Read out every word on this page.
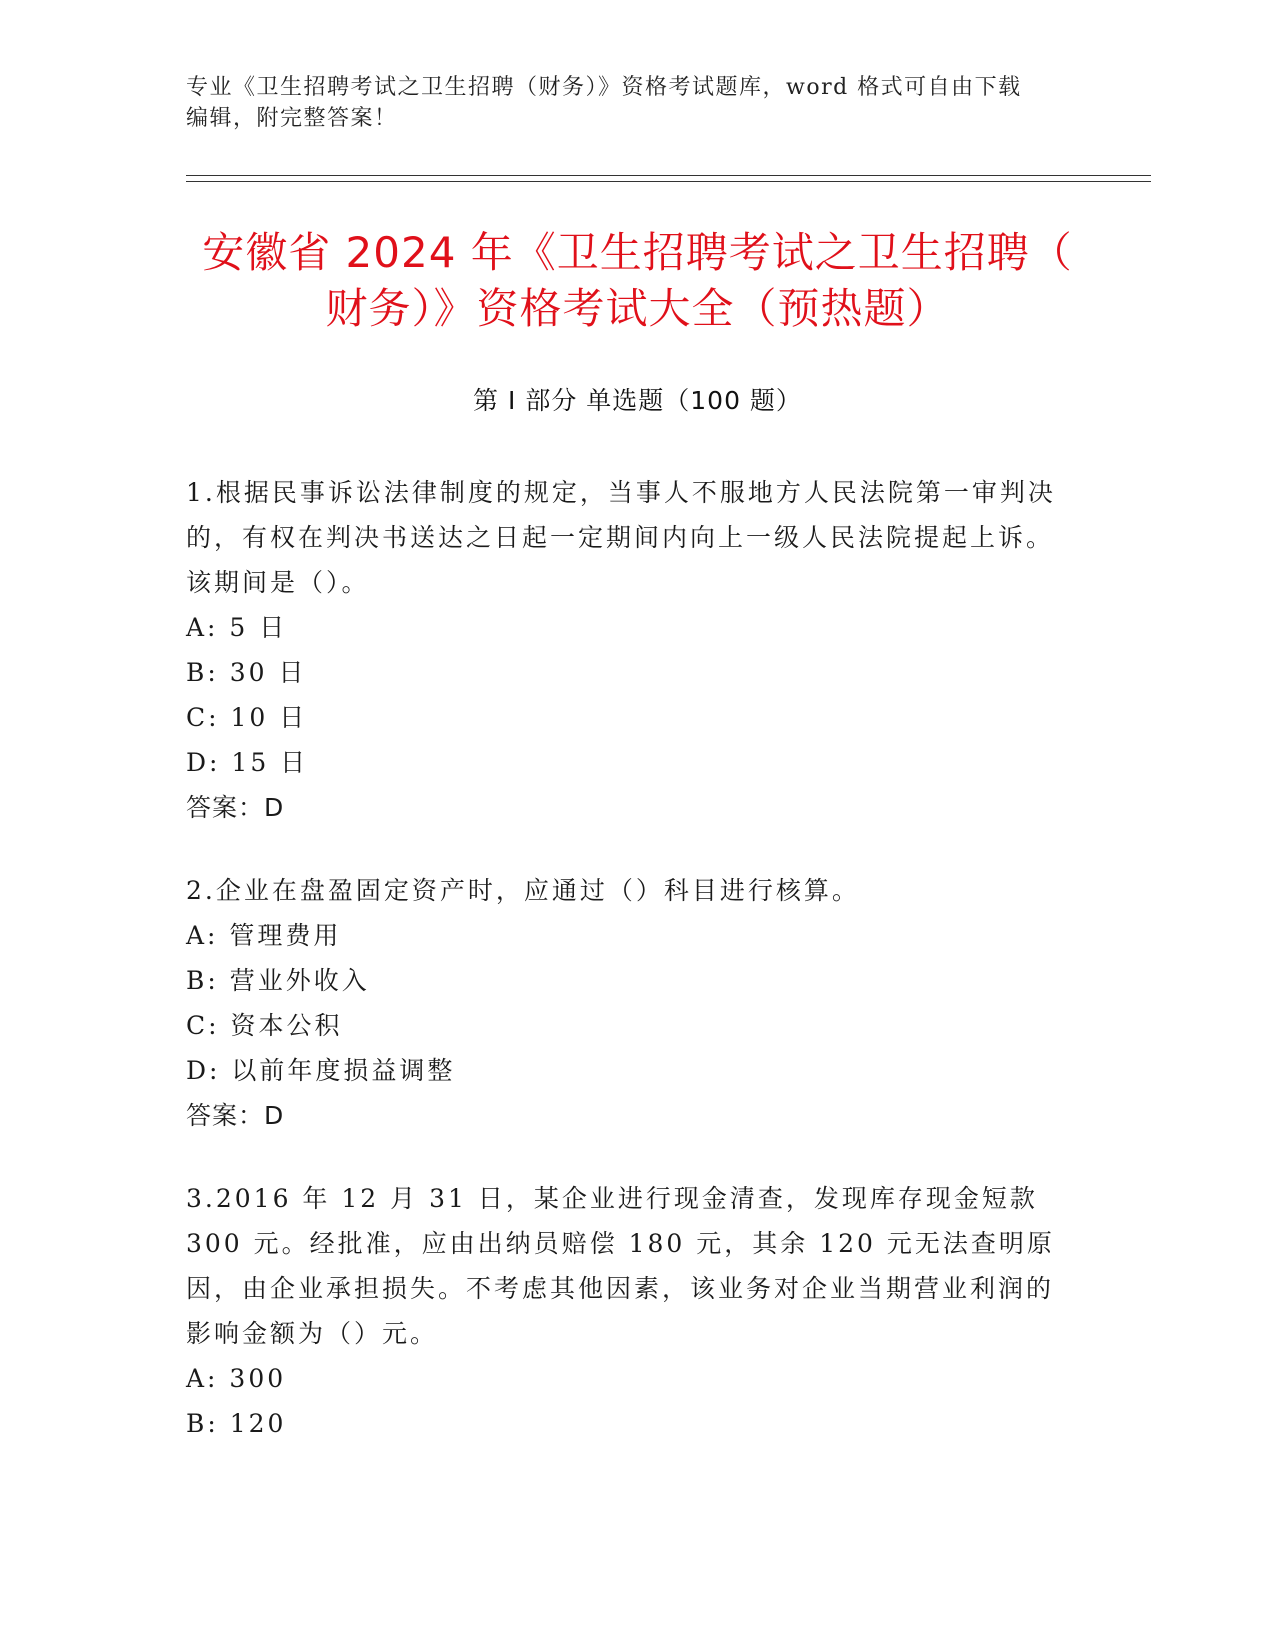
专业《卫生招聘考试之卫生招聘（财务）》资格考试题库，word 格式可自由下载
编辑，附完整答案！
安徽省 2024 年《卫生招聘考试之卫生招聘（
财务）》资格考试大全（预热题）
第 I 部分 单选题（100 题）

1.根据民事诉讼法律制度的规定，当事人不服地方人民法院第一审判决的，有权在判决书送达之日起一定期间内向上一级人民法院提起上诉。该期间是（）。

A: 5 日

B: 30 日

C: 10 日

D: 15 日

答案：D

2.企业在盘盈固定资产时，应通过（）科目进行核算。

A: 管理费用

B: 营业外收入

C: 资本公积

D: 以前年度损益调整

答案：D

3.2016 年 12 月 31 日，某企业进行现金清查，发现库存现金短款 300 元。经批准，应由出纳员赔偿 180 元，其余 120 元无法查明原因，由企业承担损失。不考虑其他因素，该业务对企业当期营业利润的影响金额为（）元。

A: 300

B: 120
